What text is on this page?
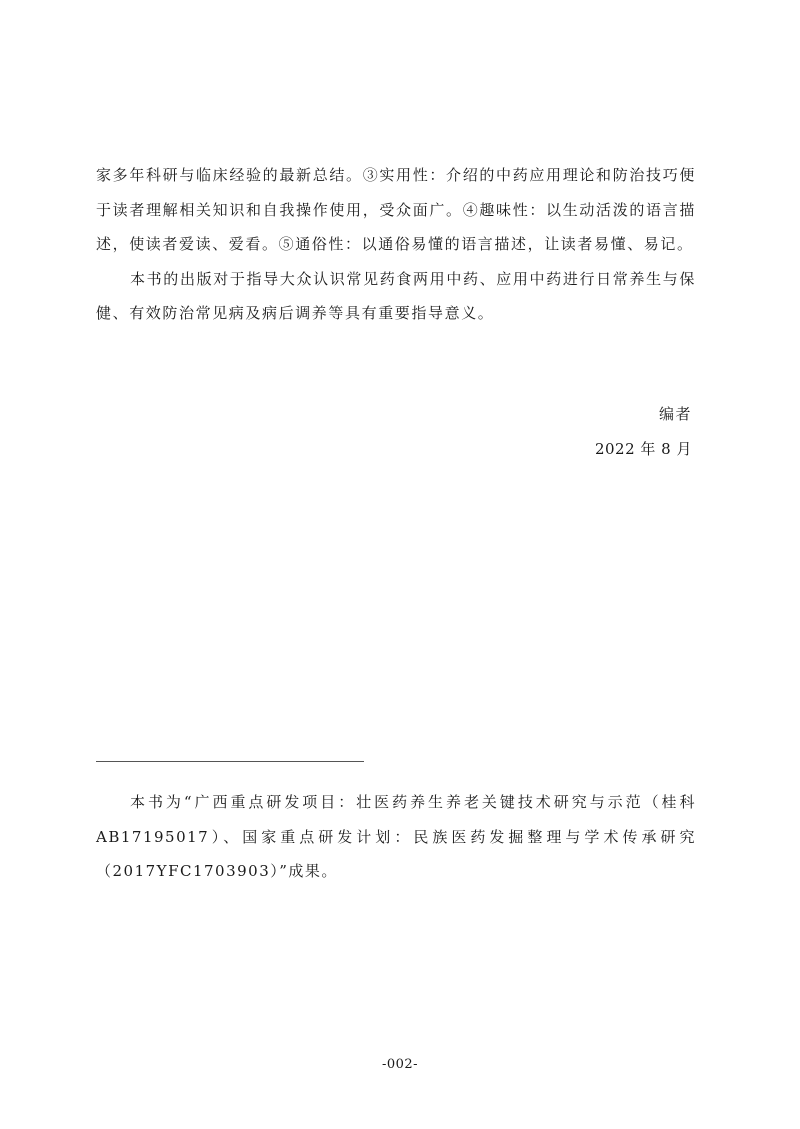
家多年科研与临床经验的最新总结。③实用性：介绍的中药应用理论和防治技巧便于读者理解相关知识和自我操作使用，受众面广。④趣味性：以生动活泼的语言描述，使读者爱读、爱看。⑤通俗性：以通俗易懂的语言描述，让读者易懂、易记。

本书的出版对于指导大众认识常见药食两用中药、应用中药进行日常养生与保健、有效防治常见病及病后调养等具有重要指导意义。

编者
2022 年 8 月

本书为“广西重点研发项目：壮医药养生养老关键技术研究与示范（桂科 AB17195017）、国家重点研发计划：民族医药发掘整理与学术传承研究（2017YFC1703903）”成果。

-002-
